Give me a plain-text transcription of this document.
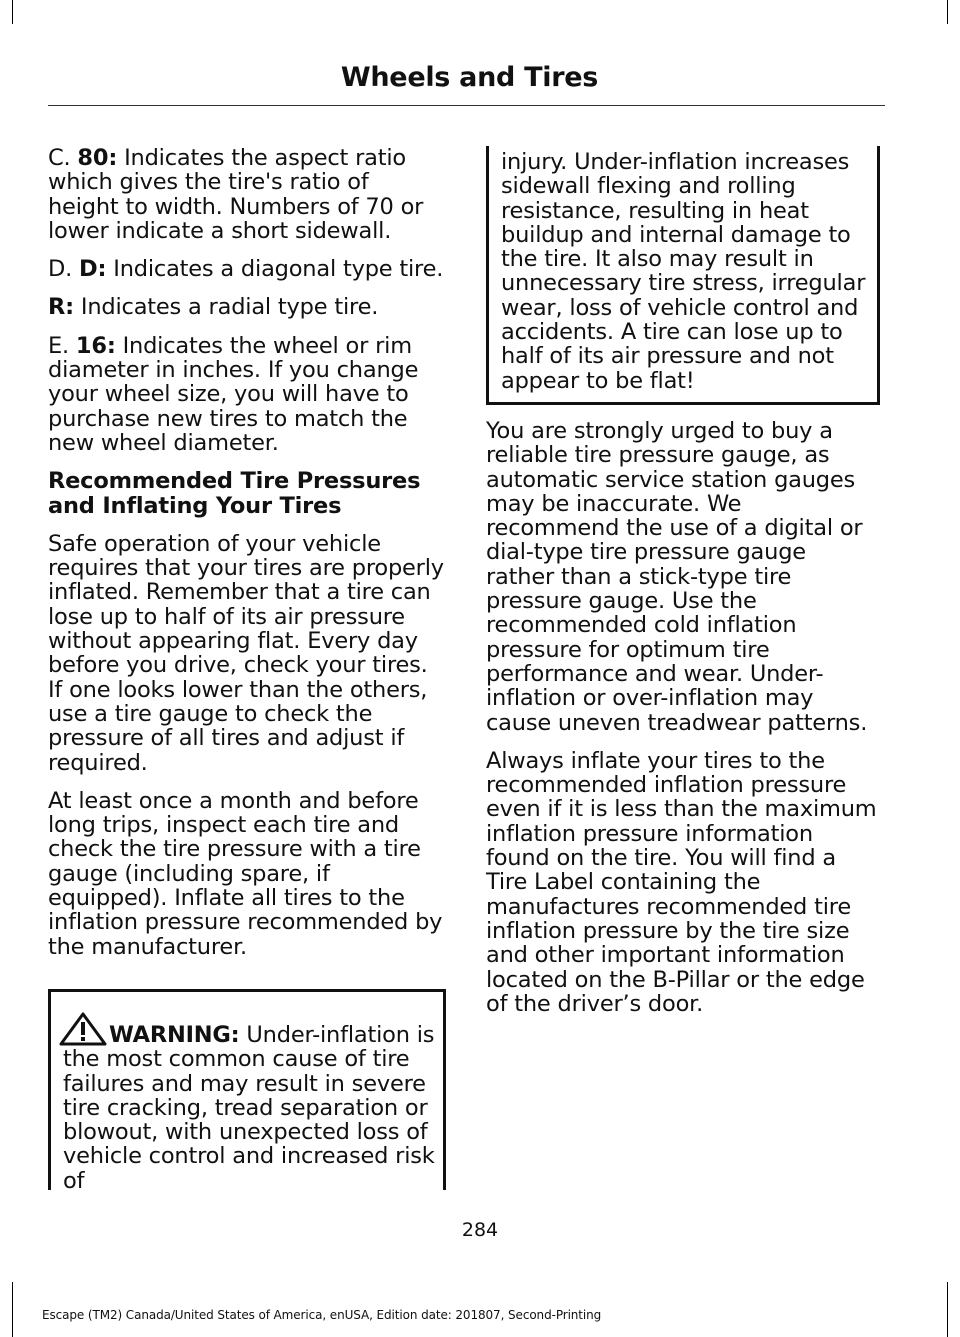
Wheels and Tires

C. 80: Indicates the aspect ratio which gives the tire's ratio of height to width. Numbers of 70 or lower indicate a short sidewall.

D. D: Indicates a diagonal type tire.

R: Indicates a radial type tire.

E. 16: Indicates the wheel or rim diameter in inches. If you change your wheel size, you will have to purchase new tires to match the new wheel diameter.

Recommended Tire Pressures and Inflating Your Tires

Safe operation of your vehicle requires that your tires are properly inflated. Remember that a tire can lose up to half of its air pressure without appearing flat. Every day before you drive, check your tires. If one looks lower than the others, use a tire gauge to check the pressure of all tires and adjust if required.

At least once a month and before long trips, inspect each tire and check the tire pressure with a tire gauge (including spare, if equipped). Inflate all tires to the inflation pressure recommended by the manufacturer.

WARNING: Under-inflation is the most common cause of tire failures and may result in severe tire cracking, tread separation or blowout, with unexpected loss of vehicle control and increased risk of
injury. Under-inflation increases sidewall flexing and rolling resistance, resulting in heat buildup and internal damage to the tire. It also may result in unnecessary tire stress, irregular wear, loss of vehicle control and accidents. A tire can lose up to half of its air pressure and not appear to be flat!

You are strongly urged to buy a reliable tire pressure gauge, as automatic service station gauges may be inaccurate. We recommend the use of a digital or dial-type tire pressure gauge rather than a stick-type tire pressure gauge. Use the recommended cold inflation pressure for optimum tire performance and wear. Under-inflation or over-inflation may cause uneven treadwear patterns.

Always inflate your tires to the recommended inflation pressure even if it is less than the maximum inflation pressure information found on the tire. You will find a Tire Label containing the manufactures recommended tire inflation pressure by the tire size and other important information located on the B-Pillar or the edge of the driver’s door.

284
Escape (TM2) Canada/United States of America, enUSA, Edition date: 201807, Second-Printing
